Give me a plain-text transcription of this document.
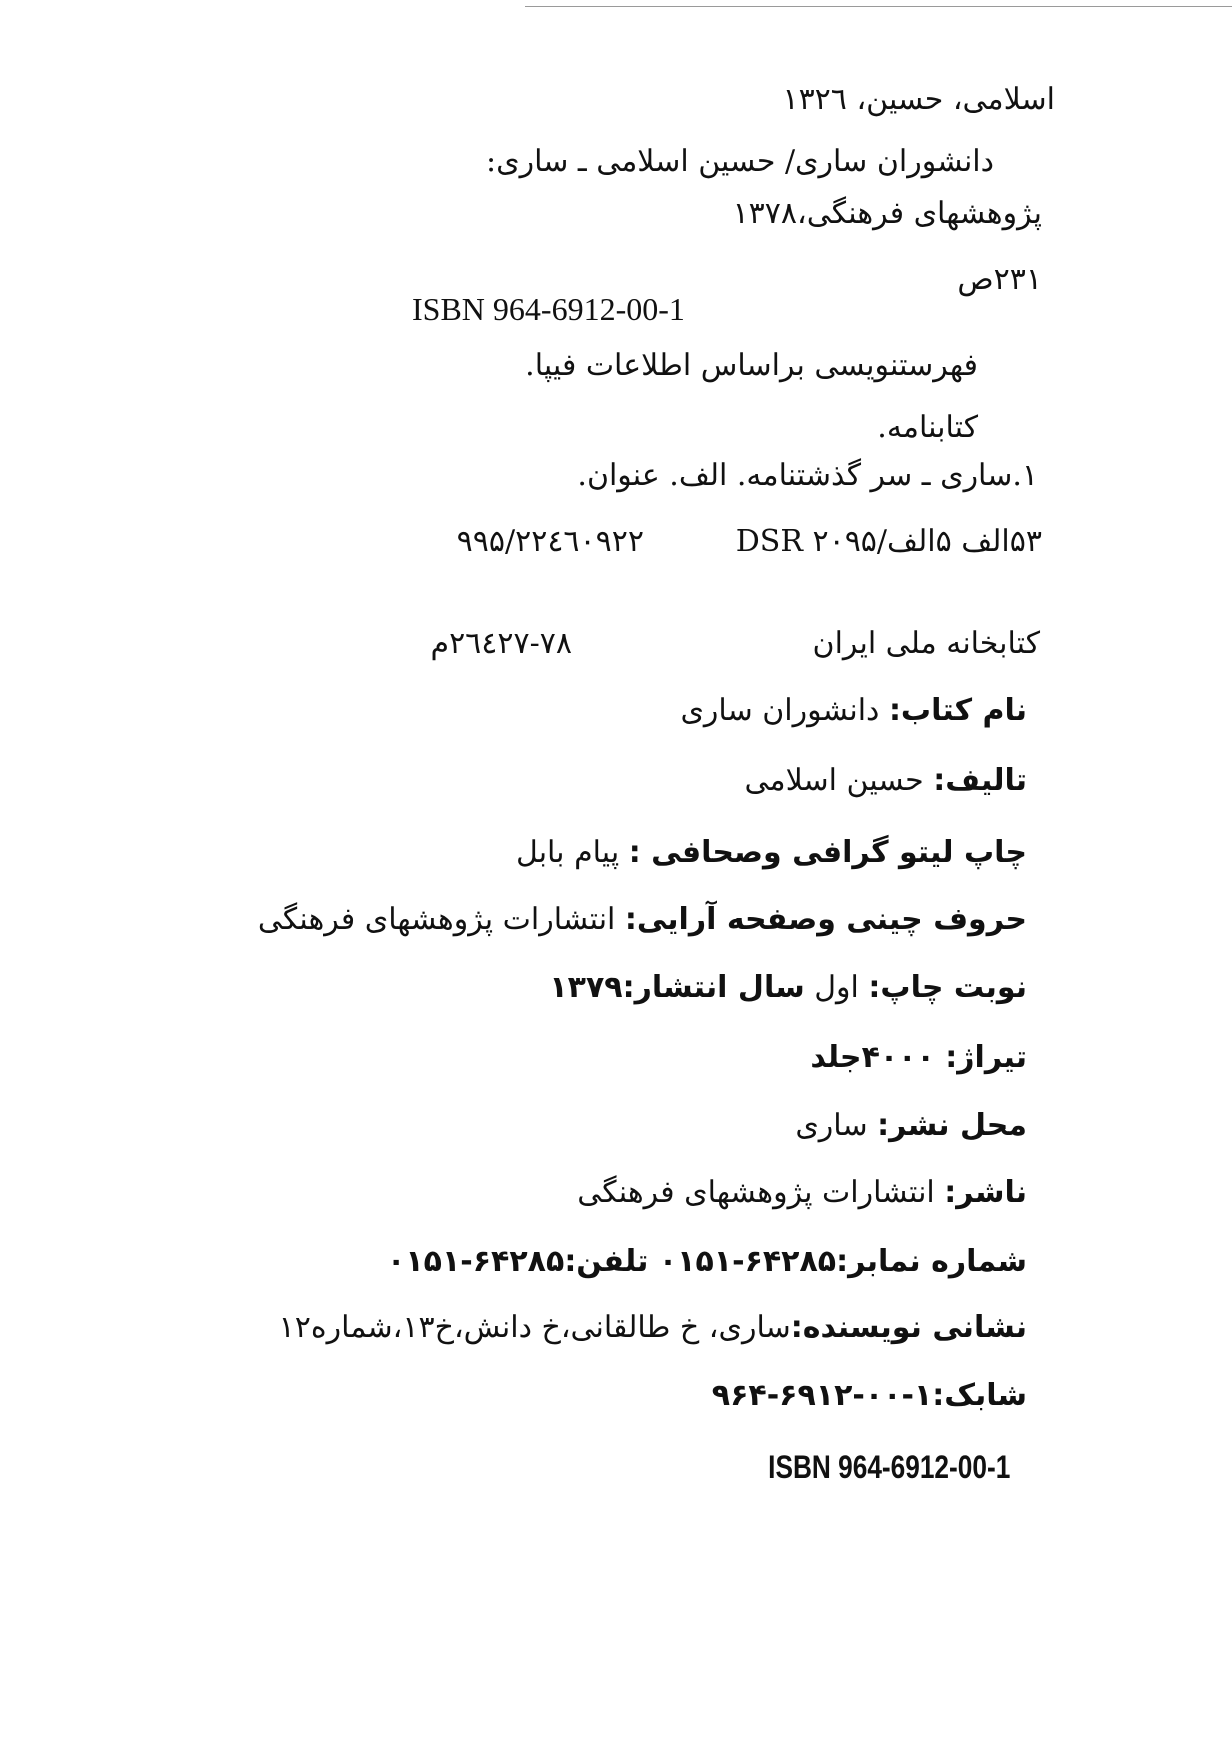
اسلامی، حسین، ۱۳۲٦
دانشوران ساری/ حسین اسلامی ـ ساری:
پژوهشهای فرهنگی،۱۳۷۸
۲۳۱ص
ISBN 964-6912-00-1
فهرستنویسی براساس اطلاعات فیپا.
کتابنامه.
۱.ساری ـ سر گذشتنامه. الف. عنوان.
۵۳الف ۵الف/۲۰۹۵ DSR
۹۹۵/۲۲٤٦۰۹۲۲
کتابخانه ملی ایران
۲٦٤۲۷-۷۸م
نام کتاب: دانشوران ساری
تالیف: حسین اسلامی
چاپ لیتو گرافی وصحافی : پیام بابل
حروف چینی وصفحه آرایی: انتشارات پژوهشهای فرهنگی
نوبت چاپ: اول سال انتشار:۱۳۷۹
تیراژ: ۴۰۰۰جلد
محل نشر: ساری
ناشر: انتشارات پژوهشهای فرهنگی
شماره نمابر:۶۴۲۸۵-۰۱۵۱ تلفن:۶۴۲۸۵-۰۱۵۱
نشانی نویسنده:ساری، خ طالقانی،خ دانش،خ۱۳،شماره۱۲
شابک:۱-۰۰-۶۹۱۲-۹۶۴
ISBN 964-6912-00-1
